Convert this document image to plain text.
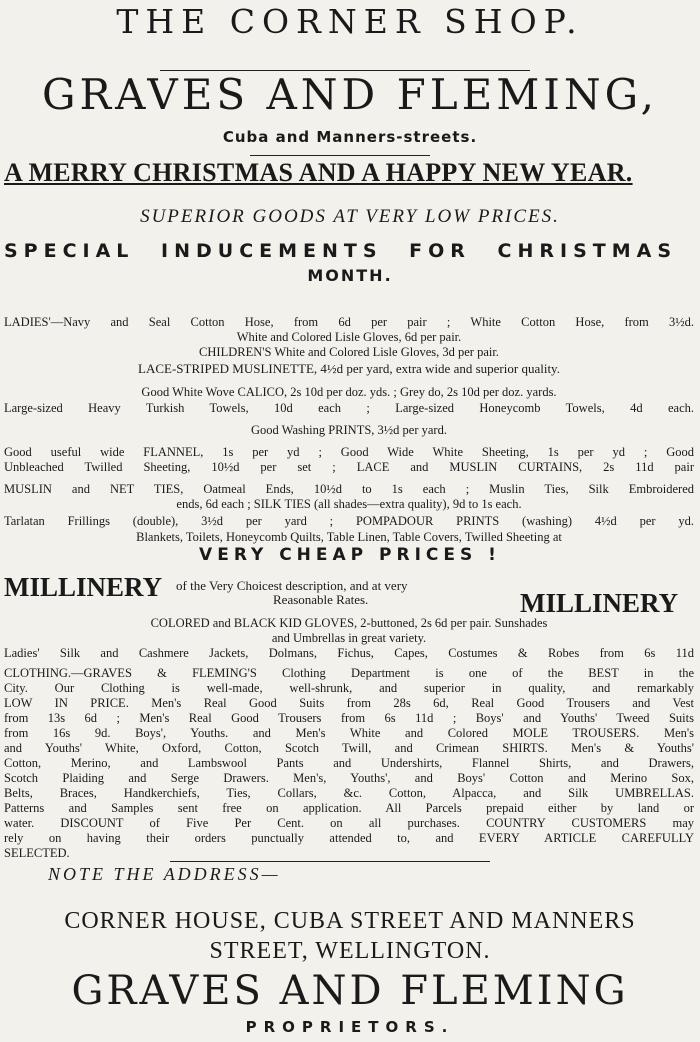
THE CORNER SHOP.
GRAVES AND FLEMING,
Cuba and Manners-streets.
A MERRY CHRISTMAS AND A HAPPY NEW YEAR.
SUPERIOR GOODS AT VERY LOW PRICES.
SPECIAL INDUCEMENTS FOR CHRISTMAS
MONTH.
LADIES'—Navy and Seal Cotton Hose, from 6d per pair ; White Cotton Hose, from 3½d.
White and Colored Lisle Gloves, 6d per pair.
CHILDREN'S White and Colored Lisle Gloves, 3d per pair.
LACE-STRIPED MUSLINETTE, 4½d per yard, extra wide and superior quality.
Good White Wove CALICO, 2s 10d per doz. yds. ; Grey do, 2s 10d per doz. yards.
Large-sized Heavy Turkish Towels, 10d each ; Large-sized Honeycomb Towels, 4d each.
Good Washing PRINTS, 3½d per yard.
Good useful wide FLANNEL, 1s per yd ; Good Wide White Sheeting, 1s per yd ; Good
Unbleached Twilled Sheeting, 10½d per set ; LACE and MUSLIN CURTAINS, 2s 11d pair
MUSLIN and NET TIES, Oatmeal Ends, 10½d to 1s each ; Muslin Ties, Silk Embroidered
ends, 6d each ; SILK TIES (all shades—extra quality), 9d to 1s each.
Tarlatan Frillings (double), 3½d per yard ; POMPADOUR PRINTS (washing) 4½d per yd.
Blankets, Toilets, Honeycomb Quilts, Table Linen, Table Covers, Twilled Sheeting at
VERY CHEAP PRICES !
MILLINERY of the Very Choicest description, and at very
Reasonable Rates.	MILLINERY
COLORED and BLACK KID GLOVES, 2-buttoned, 2s 6d per pair. Sunshades
and Umbrellas in great variety.
Ladies' Silk and Cashmere Jackets, Dolmans, Fichus, Capes, Costumes & Robes from 6s 11d
CLOTHING.—GRAVES & FLEMING'S Clothing Department is one of the BEST in the
City. Our Clothing is well-made, well-shrunk, and superior in quality, and remarkably
LOW IN PRICE. Men's Real Good Suits from 28s 6d, Real Good Trousers and Vest
from 13s 6d ; Men's Real Good Trousers from 6s 11d ; Boys' and Youths' Tweed Suits
from 16s 9d. Boys', Youths. and Men's White and Colored MOLE TROUSERS. Men's
and Youths' White, Oxford, Cotton, Scotch Twill, and Crimean SHIRTS. Men's & Youths'
Cotton, Merino, and Lambswool Pants and Undershirts, Flannel Shirts, and Drawers,
Scotch Plaiding and Serge Drawers. Men's, Youths', and Boys' Cotton and Merino Sox,
Belts, Braces, Handkerchiefs, Ties, Collars, &c. Cotton, Alpacca, and Silk UMBRELLAS.
Patterns and Samples sent free on application. All Parcels prepaid either by land or
water. DISCOUNT of Five Per Cent. on all purchases. COUNTRY CUSTOMERS may
rely on having their orders punctually attended to, and EVERY ARTICLE CAREFULLY
SELECTED.
NOTE THE ADDRESS—
CORNER HOUSE, CUBA STREET AND MANNERS
STREET, WELLINGTON.
GRAVES AND FLEMING
PROPRIETORS.
